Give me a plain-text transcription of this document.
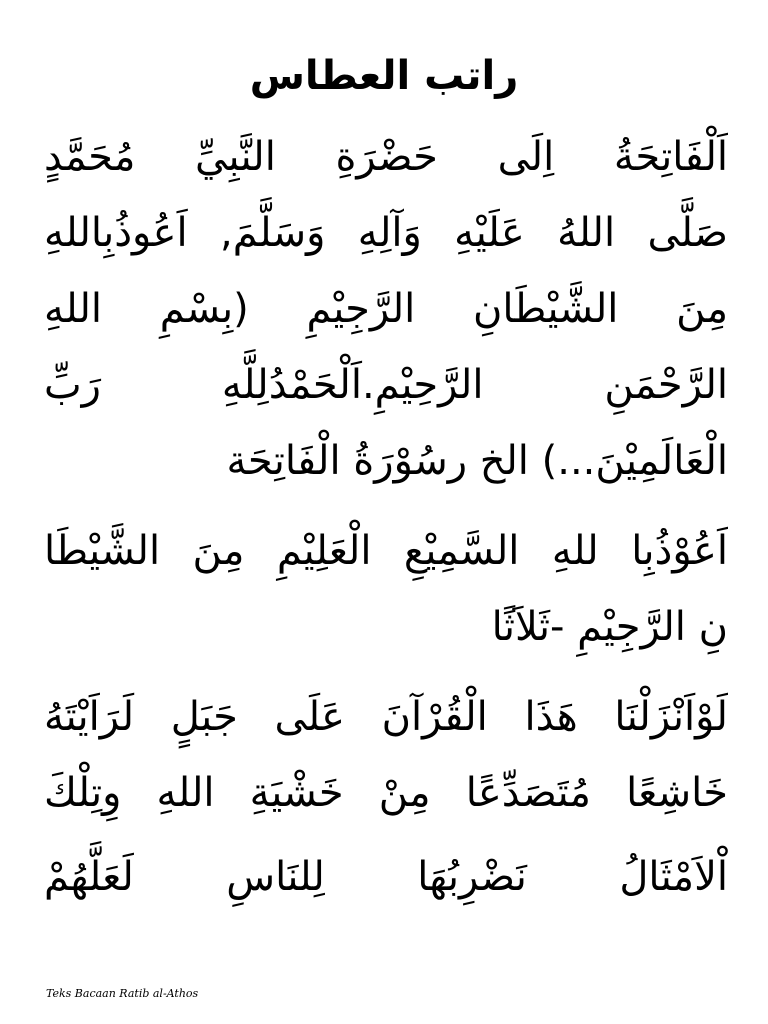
راتب العطاس
اَلْفَاتِحَةُ اِلَى حَضْرَةِ النَّبِيِّ مُحَمَّدٍ
صَلَّى اللهُ عَلَيْهِ وَآلِهِ وَسَلَّمَ, اَعُوذُبِاللهِ
مِنَ الشَّيْطَانِ الرَّجِيْمِ (بِسْمِ اللهِ
الرَّحْمَنِ الرَّحِيْمِ.اَلْحَمْدُلِلَّهِ رَبِّ
الْعَالَمِيْنَ...) الخ رسُوْرَةُ الْفَاتِحَة
اَعُوْذُبِا للهِ السَّمِيْعِ الْعَلِيْمِ مِنَ الشَّيْطَا
نِ الرَّجِيْمِ -ثَلاَثًا
لَوْاَنْزَلْنَا هَذَا الْقُرْآنَ عَلَى جَبَلٍ لَرَاَيْتَهُ
خَاشِعًا مُتَصَدِّعًا مِنْ خَشْيَةِ اللهِ وِتِلْكَ
اْلاَمْثَالُ نَضْرِبُهَا لِلنَاسِ لَعَلَّهُمْ
Teks Bacaan Ratib al-Athos
